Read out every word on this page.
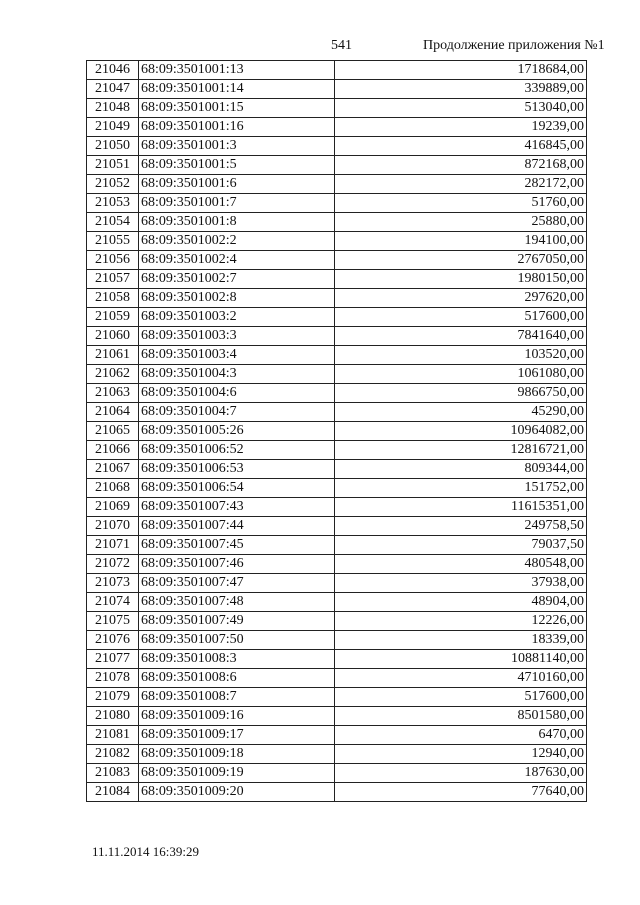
541	Продолжение приложения №1
21046	68:09:3501001:13	1718684,00
21047	68:09:3501001:14	339889,00
21048	68:09:3501001:15	513040,00
21049	68:09:3501001:16	19239,00
21050	68:09:3501001:3	416845,00
21051	68:09:3501001:5	872168,00
21052	68:09:3501001:6	282172,00
21053	68:09:3501001:7	51760,00
21054	68:09:3501001:8	25880,00
21055	68:09:3501002:2	194100,00
21056	68:09:3501002:4	2767050,00
21057	68:09:3501002:7	1980150,00
21058	68:09:3501002:8	297620,00
21059	68:09:3501003:2	517600,00
21060	68:09:3501003:3	7841640,00
21061	68:09:3501003:4	103520,00
21062	68:09:3501004:3	1061080,00
21063	68:09:3501004:6	9866750,00
21064	68:09:3501004:7	45290,00
21065	68:09:3501005:26	10964082,00
21066	68:09:3501006:52	12816721,00
21067	68:09:3501006:53	809344,00
21068	68:09:3501006:54	151752,00
21069	68:09:3501007:43	11615351,00
21070	68:09:3501007:44	249758,50
21071	68:09:3501007:45	79037,50
21072	68:09:3501007:46	480548,00
21073	68:09:3501007:47	37938,00
21074	68:09:3501007:48	48904,00
21075	68:09:3501007:49	12226,00
21076	68:09:3501007:50	18339,00
21077	68:09:3501008:3	10881140,00
21078	68:09:3501008:6	4710160,00
21079	68:09:3501008:7	517600,00
21080	68:09:3501009:16	8501580,00
21081	68:09:3501009:17	6470,00
21082	68:09:3501009:18	12940,00
21083	68:09:3501009:19	187630,00
21084	68:09:3501009:20	77640,00
11.11.2014 16:39:29
